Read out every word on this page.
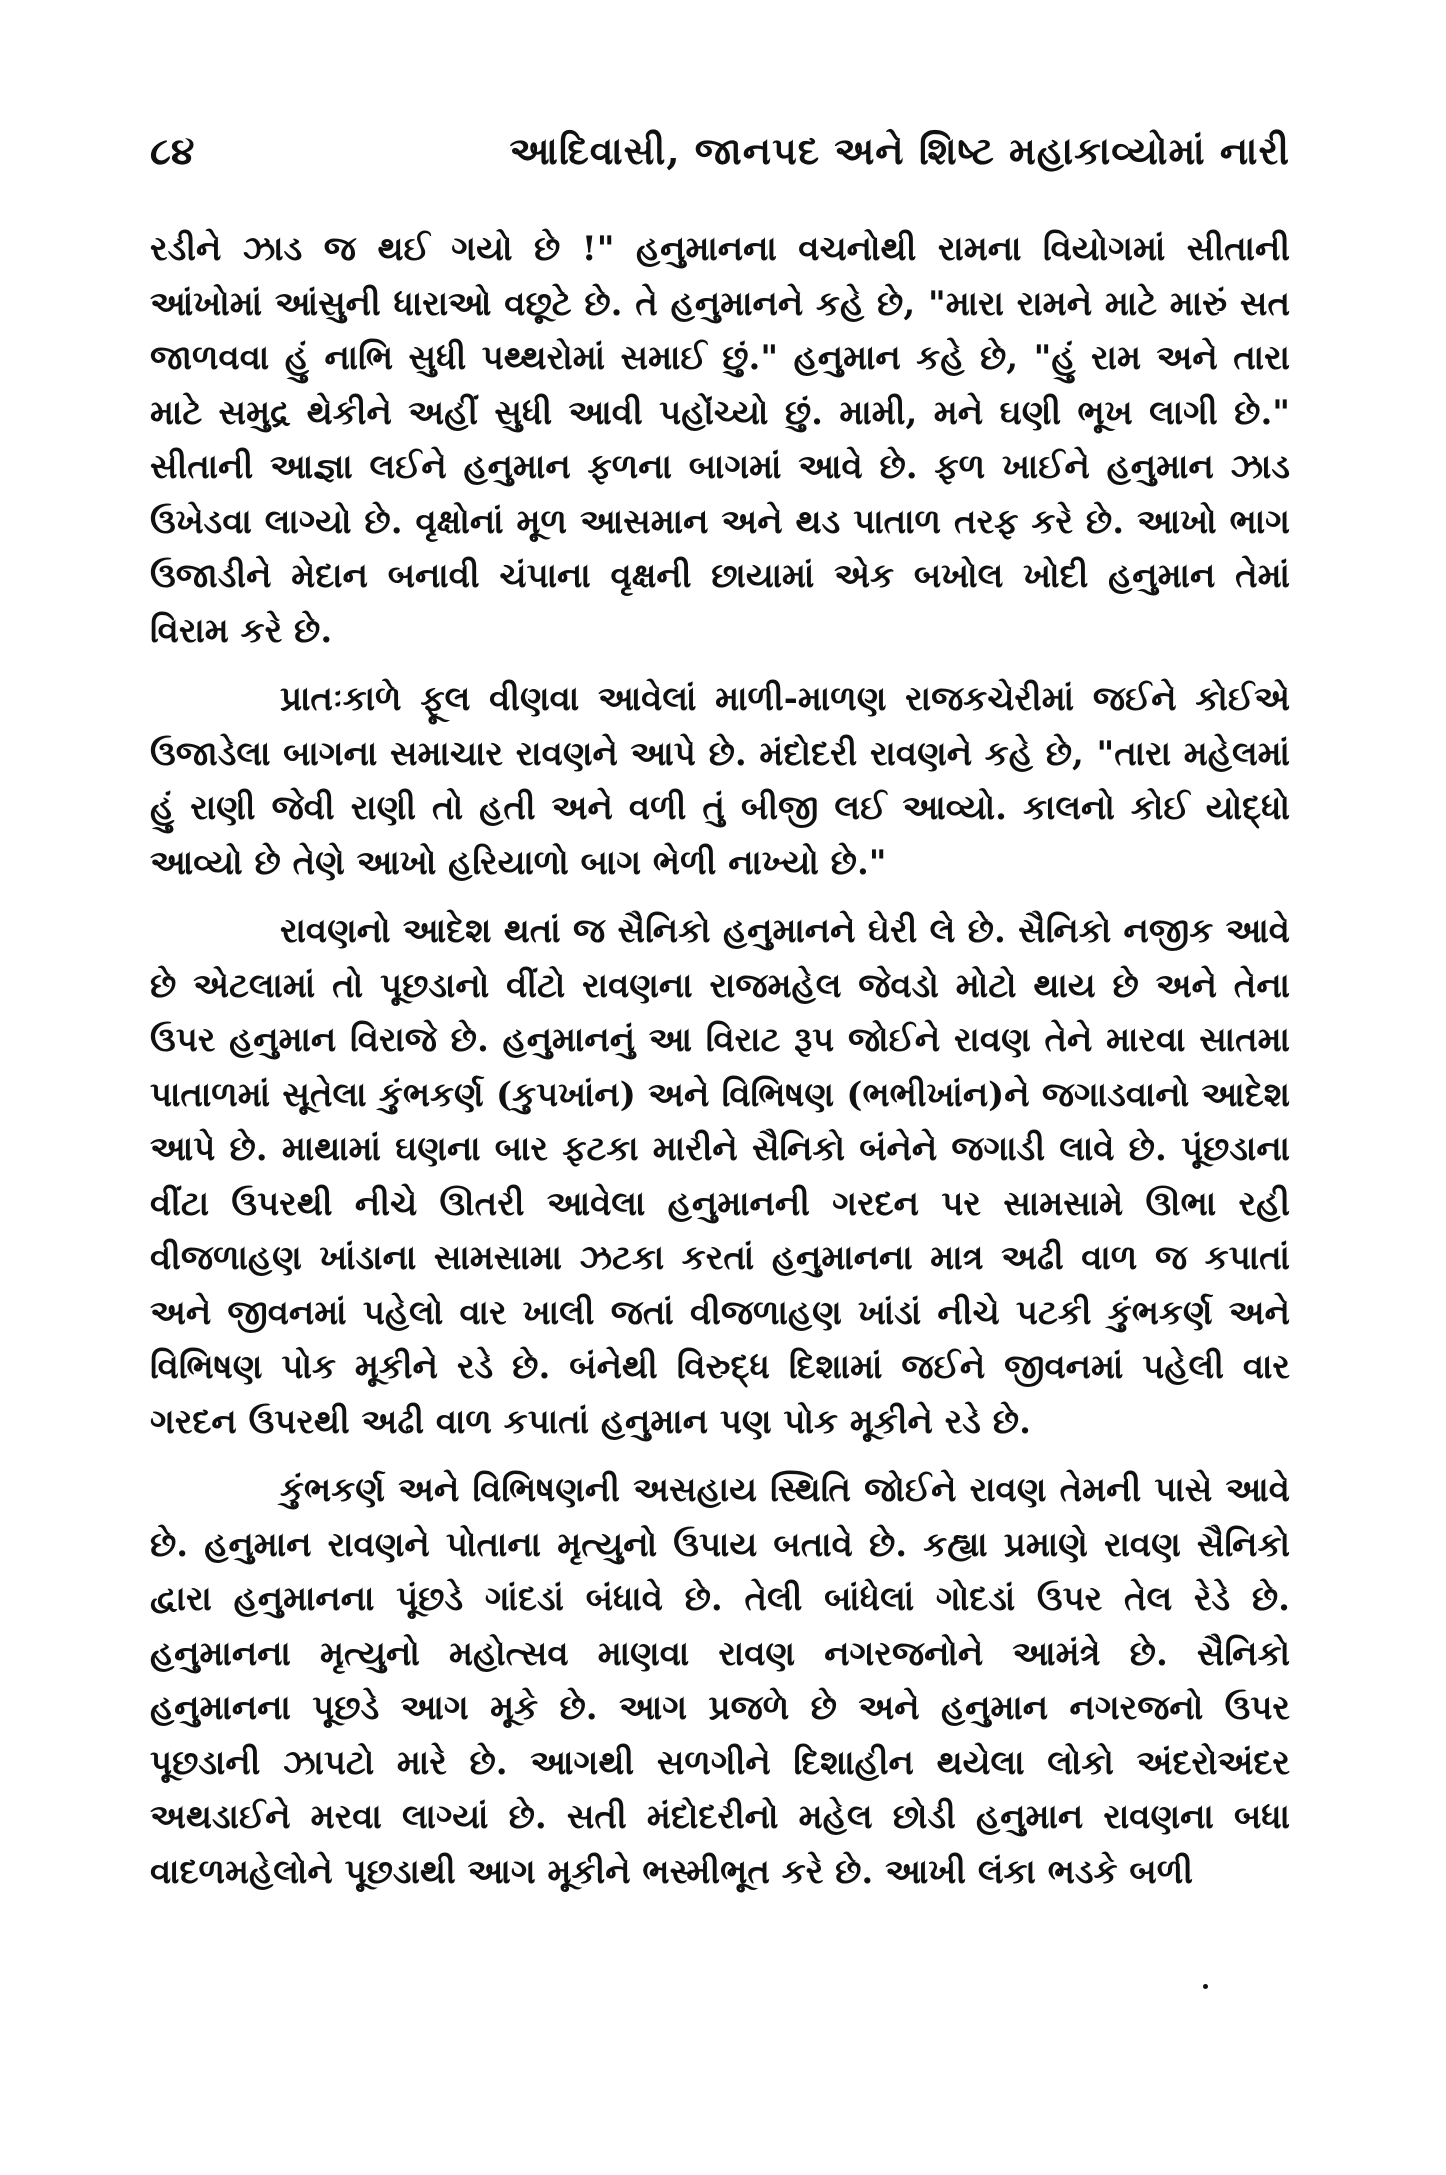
૮૪	આદિવાસી, જાનપદ અને શિષ્ટ મહાકાવ્યોમાં નારી

રડીને ઝાડ જ થઈ ગયો છે !" હનુમાનના વચનોથી રામના વિયોગમાં સીતાની આંખોમાં આંસુની ધારાઓ વછૂટે છે. તે હનુમાનને કહે છે, "મારા રામને માટે મારું સત જાળવવા હું નાભિ સુધી પથ્થરોમાં સમાઈ છું." હનુમાન કહે છે, "હું રામ અને તારા માટે સમુદ્ર થેકીને અહીં સુધી આવી પહોંચ્યો છું. મામી, મને ઘણી ભૂખ લાગી છે." સીતાની આજ્ઞા લઈને હનુમાન ફળના બાગમાં આવે છે. ફળ ખાઈને હનુમાન ઝાડ ઉખેડવા લાગ્યો છે. વૃક્ષોનાં મૂળ આસમાન અને થડ પાતાળ તરફ કરે છે. આખો ભાગ ઉજાડીને મેદાન બનાવી ચંપાના વૃક્ષની છાયામાં એક બખોલ ખોદી હનુમાન તેમાં વિરામ કરે છે.

પ્રાતઃકાળે ફૂલ વીણવા આવેલાં માળી-માળણ રાજકચેરીમાં જઈને કોઈએ ઉજાડેલા બાગના સમાચાર રાવણને આપે છે. મંદોદરી રાવણને કહે છે, "તારા મહેલમાં હું રાણી જેવી રાણી તો હતી અને વળી તું બીજી લઈ આવ્યો. કાલનો કોઈ યોદ્ધો આવ્યો છે તેણે આખો હરિયાળો બાગ ભેળી નાખ્યો છે."

રાવણનો આદેશ થતાં જ સૈનિકો હનુમાનને ઘેરી લે છે. સૈનિકો નજીક આવે છે એટલામાં તો પૂછડાનો વીંટો રાવણના રાજમહેલ જેવડો મોટો થાય છે અને તેના ઉપર હનુમાન વિરાજે છે. હનુમાનનું આ વિરાટ રૂપ જોઈને રાવણ તેને મારવા સાતમા પાતાળમાં સૂતેલા કુંભકર્ણ (કુપખાંન) અને વિભિષણ (ભભીખાંન)ને જગાડવાનો આદેશ આપે છે. માથામાં ઘણના બાર ફટકા મારીને સૈનિકો બંનેને જગાડી લાવે છે. પૂંછડાના વીંટા ઉપરથી નીચે ઊતરી આવેલા હનુમાનની ગરદન પર સામસામે ઊભા રહી વીજળાહણ ખાંડાના સામસામા ઝટકા કરતાં હનુમાનના માત્ર અઢી વાળ જ કપાતાં અને જીવનમાં પહેલો વાર ખાલી જતાં વીજળાહણ ખાંડાં નીચે પટકી કુંભકર્ણ અને વિભિષણ પોક મૂકીને રડે છે. બંનેથી વિરુદ્ધ દિશામાં જઈને જીવનમાં પહેલી વાર ગરદન ઉપરથી અઢી વાળ કપાતાં હનુમાન પણ પોક મૂકીને રડે છે.

કુંભકર્ણ અને વિભિષણની અસહાય સ્થિતિ જોઈને રાવણ તેમની પાસે આવે છે. હનુમાન રાવણને પોતાના મૃત્યુનો ઉપાય બતાવે છે. કહ્યા પ્રમાણે રાવણ સૈનિકો દ્વારા હનુમાનના પૂંછડે ગાંદડાં બંધાવે છે. તેલી બાંધેલાં ગોદડાં ઉપર તેલ રેડે છે. હનુમાનના મૃત્યુનો મહોત્સવ માણવા રાવણ નગરજનોને આમંત્રે છે. સૈનિકો હનુમાનના પૂછડે આગ મૂકે છે. આગ પ્રજળે છે અને હનુમાન નગરજનો ઉપર પૂછડાની ઝાપટો મારે છે. આગથી સળગીને દિશાહીન થયેલા લોકો અંદરોઅંદર અથડાઈને મરવા લાગ્યાં છે. સતી મંદોદરીનો મહેલ છોડી હનુમાન રાવણના બધા વાદળમહેલોને પૂછડાથી આગ મૂકીને ભસ્મીભૂત કરે છે. આખી લંકા ભડકે બળી
